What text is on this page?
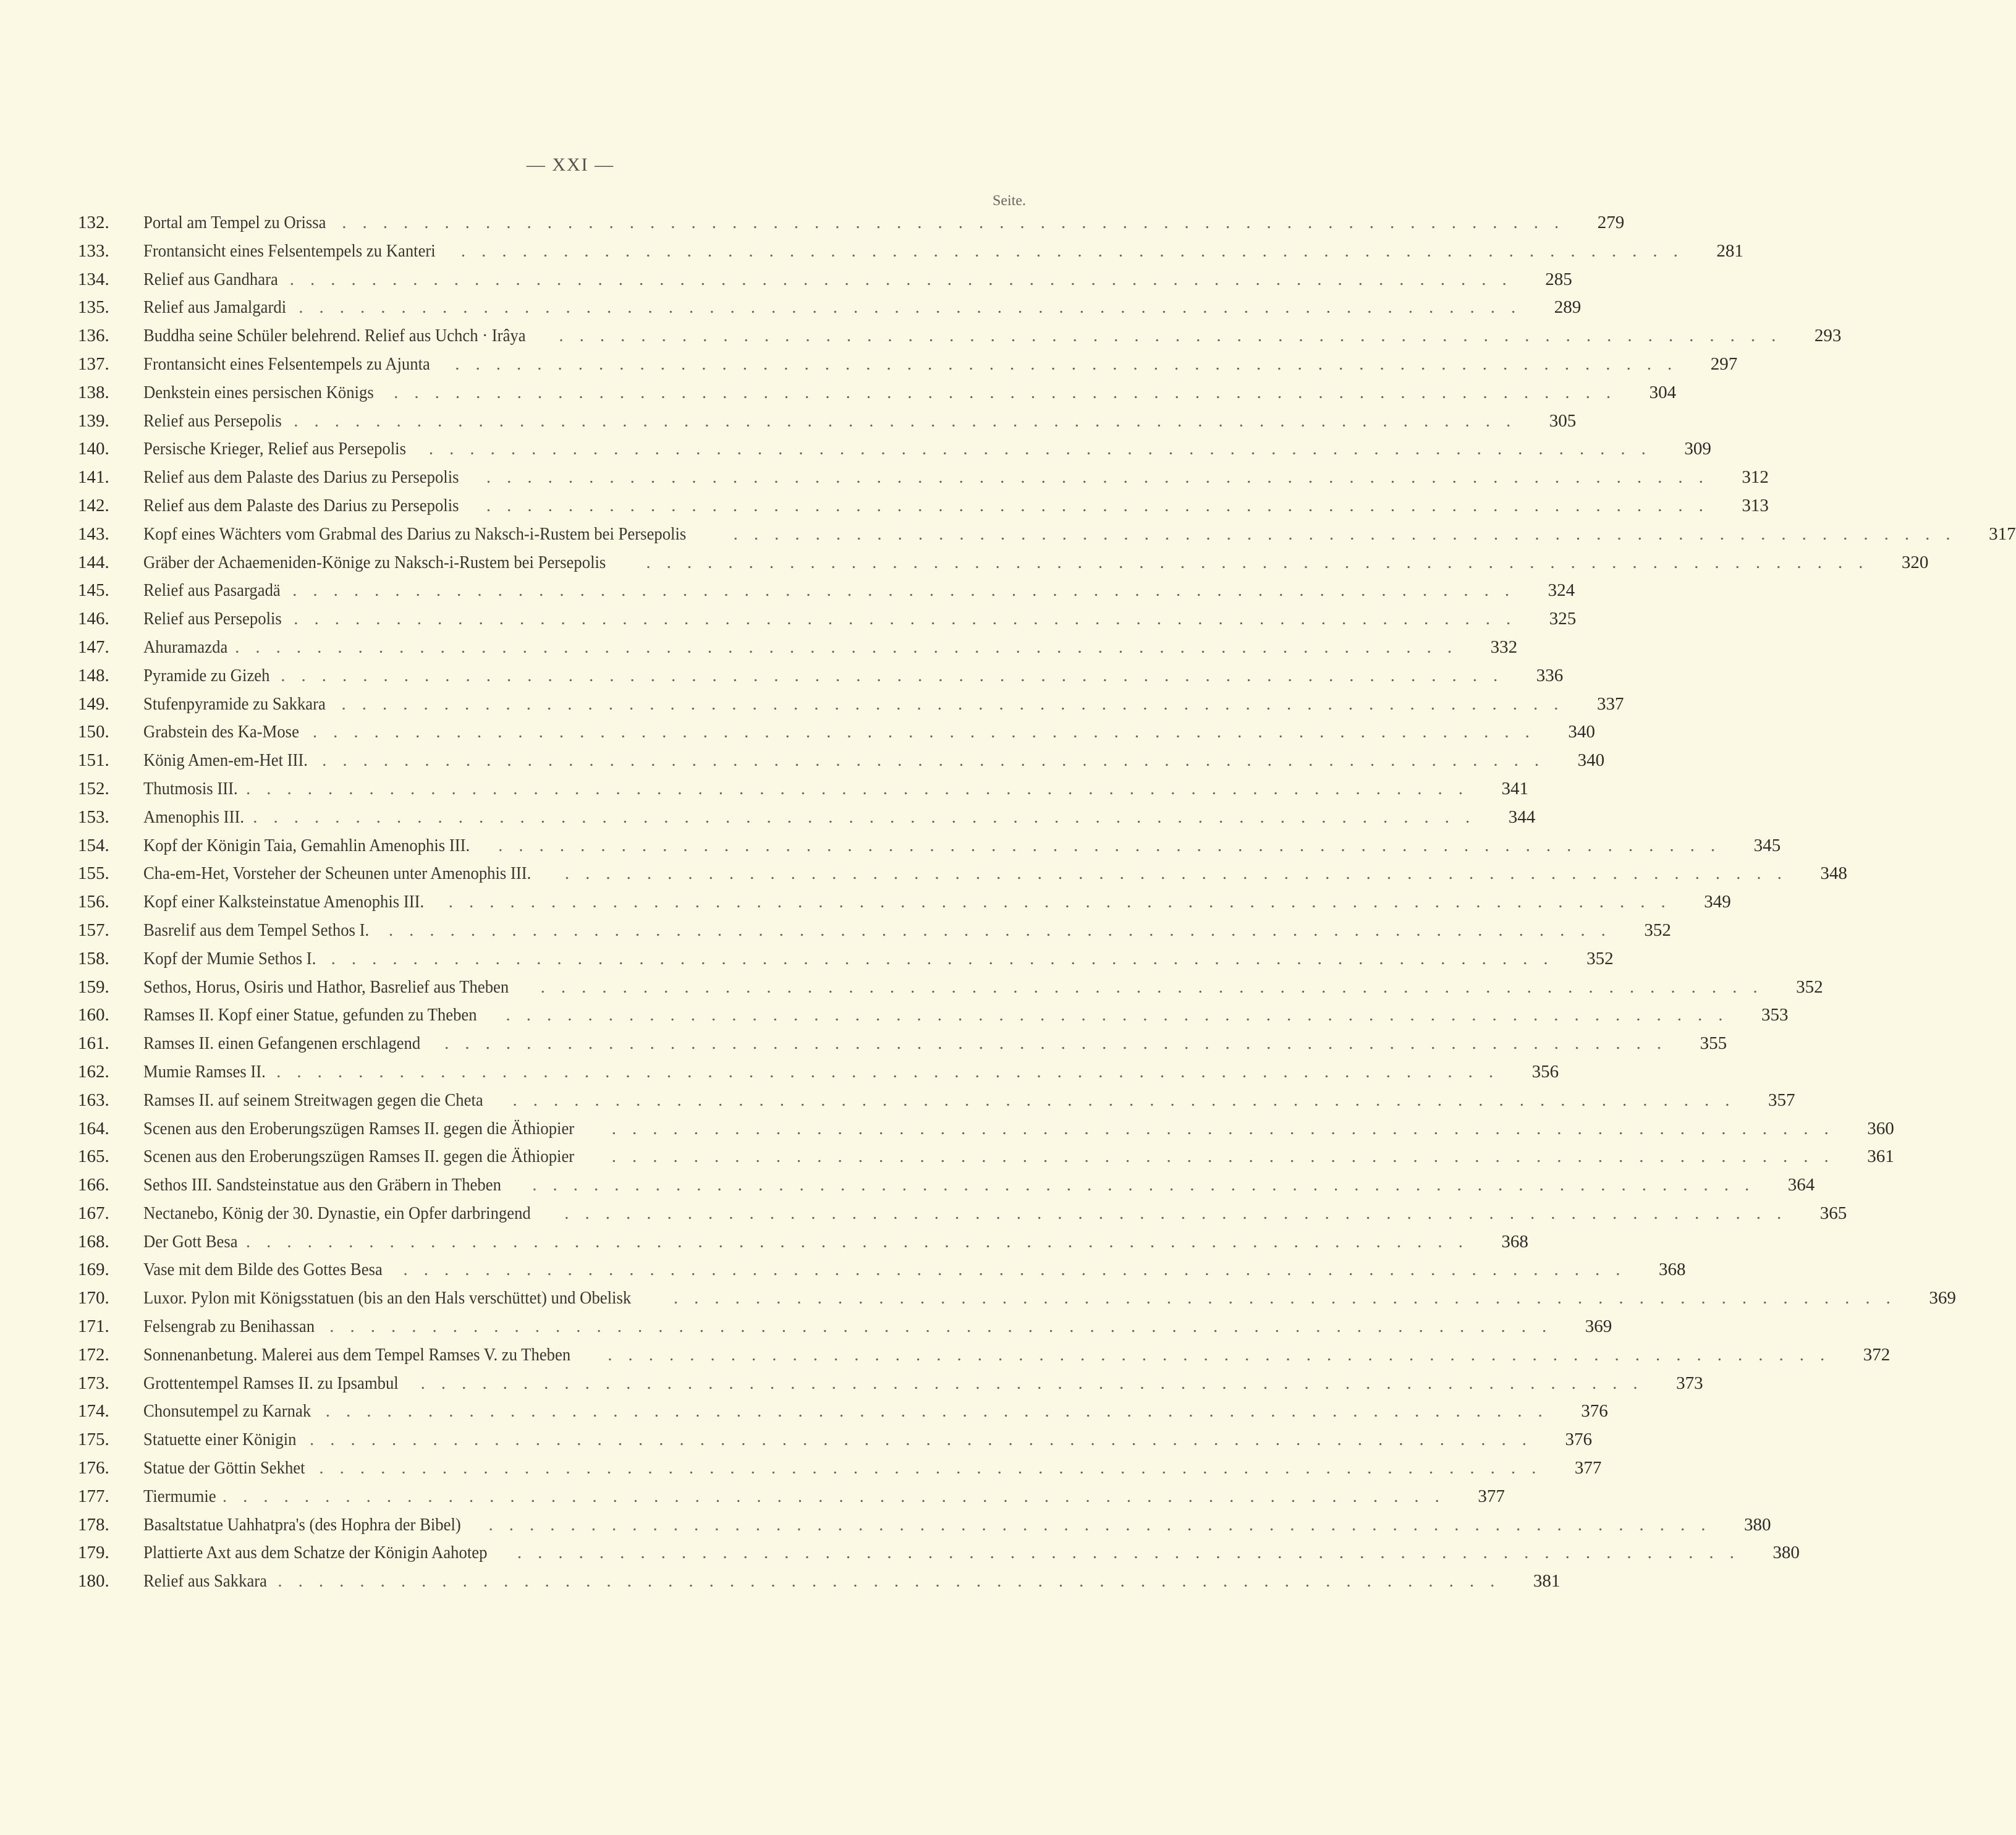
— XXI —
Seite.
132.	Portal am Tempel zu Orissa ............................................................	279
133.	Frontansicht eines Felsentempels zu Kanteri ............................................................	281
134.	Relief aus Gandhara ............................................................	285
135.	Relief aus Jamalgardi ............................................................	289
136.	Buddha seine Schüler belehrend. Relief aus Uchch · Irâya ............................................................	293
137.	Frontansicht eines Felsentempels zu Ajunta ............................................................	297
138.	Denkstein eines persischen Königs ............................................................	304
139.	Relief aus Persepolis ............................................................	305
140.	Persische Krieger, Relief aus Persepolis ............................................................	309
141.	Relief aus dem Palaste des Darius zu Persepolis ............................................................	312
142.	Relief aus dem Palaste des Darius zu Persepolis ............................................................	313
143.	Kopf eines Wächters vom Grabmal des Darius zu Naksch-i-Rustem bei Persepolis	............................................................	317
144.	Gräber der Achaemeniden-Könige zu Naksch-i-Rustem bei Persepolis ............................................................	320
145.	Relief aus Pasargadä ............................................................	324
146.	Relief aus Persepolis ............................................................	325
147.	Ahuramazda ............................................................	332
148.	Pyramide zu Gizeh ............................................................	336
149.	Stufenpyramide zu Sakkara ............................................................	337
150.	Grabstein des Ka-Mose ............................................................	340
151.	König Amen-em-Het III. ............................................................	340
152.	Thutmosis III. ............................................................	341
153.	Amenophis III. ............................................................	344
154.	Kopf der Königin Taia, Gemahlin Amenophis III. ............................................................	345
155.	Cha-em-Het, Vorsteher der Scheunen unter Amenophis III. ............................................................	348
156.	Kopf einer Kalksteinstatue Amenophis III. ............................................................	349
157.	Basrelif aus dem Tempel Sethos I. ............................................................	352
158.	Kopf der Mumie Sethos I. ............................................................	352
159.	Sethos, Horus, Osiris und Hathor, Basrelief aus Theben ............................................................	352
160.	Ramses II. Kopf einer Statue, gefunden zu Theben ............................................................	353
161.	Ramses II. einen Gefangenen erschlagend ............................................................	355
162.	Mumie Ramses II. ............................................................	356
163.	Ramses II. auf seinem Streitwagen gegen die Cheta ............................................................	357
164.	Scenen aus den Eroberungszügen Ramses II. gegen die Äthiopier ............................................................	360
165.	Scenen aus den Eroberungszügen Ramses II. gegen die Äthiopier ............................................................	361
166.	Sethos III. Sandsteinstatue aus den Gräbern in Theben ............................................................	364
167.	Nectanebo, König der 30. Dynastie, ein Opfer darbringend ............................................................	365
168.	Der Gott Besa ............................................................	368
169.	Vase mit dem Bilde des Gottes Besa ............................................................	368
170.	Luxor. Pylon mit Königsstatuen (bis an den Hals verschüttet) und Obelisk ............................................................	369
171.	Felsengrab zu Benihassan ............................................................	369
172.	Sonnenanbetung. Malerei aus dem Tempel Ramses V. zu Theben ............................................................	372
173.	Grottentempel Ramses II. zu Ipsambul ............................................................	373
174.	Chonsutempel zu Karnak ............................................................	376
175.	Statuette einer Königin ............................................................	376
176.	Statue der Göttin Sekhet ............................................................	377
177.	Tiermumie ............................................................	377
178.	Basaltstatue Uahhatpra's (des Hophra der Bibel) ............................................................	380
179.	Plattierte Axt aus dem Schatze der Königin Aahotep ............................................................	380
180.	Relief aus Sakkara ............................................................	381
